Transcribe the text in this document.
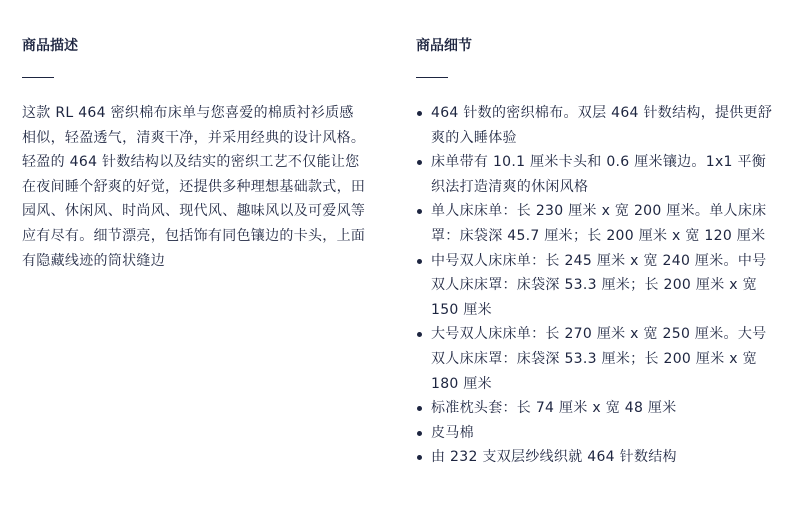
商品描述

这款 RL 464 密织棉布床单与您喜爱的棉质衬衫质感相似，轻盈透气，清爽干净，并采用经典的设计风格。轻盈的 464 针数结构以及结实的密织工艺不仅能让您在夜间睡个舒爽的好觉，还提供多种理想基础款式，田园风、休闲风、时尚风、现代风、趣味风以及可爱风等应有尽有。细节漂亮，包括饰有同色镶边的卡头，上面有隐藏线迹的筒状缝边

商品细节
464 针数的密织棉布。双层 464 针数结构，提供更舒爽的入睡体验
床单带有 10.1 厘米卡头和 0.6 厘米镶边。1x1 平衡织法打造清爽的休闲风格
单人床床单：长 230 厘米 x 宽 200 厘米。单人床床罩：床袋深 45.7 厘米；长 200 厘米 x 宽 120 厘米
中号双人床床单：长 245 厘米 x 宽 240 厘米。中号双人床床罩：床袋深 53.3 厘米；长 200 厘米 x 宽 150 厘米
大号双人床床单：长 270 厘米 x 宽 250 厘米。大号双人床床罩：床袋深 53.3 厘米；长 200 厘米 x 宽 180 厘米
标准枕头套：长 74 厘米 x 宽 48 厘米
皮马棉
由 232 支双层纱线织就 464 针数结构
